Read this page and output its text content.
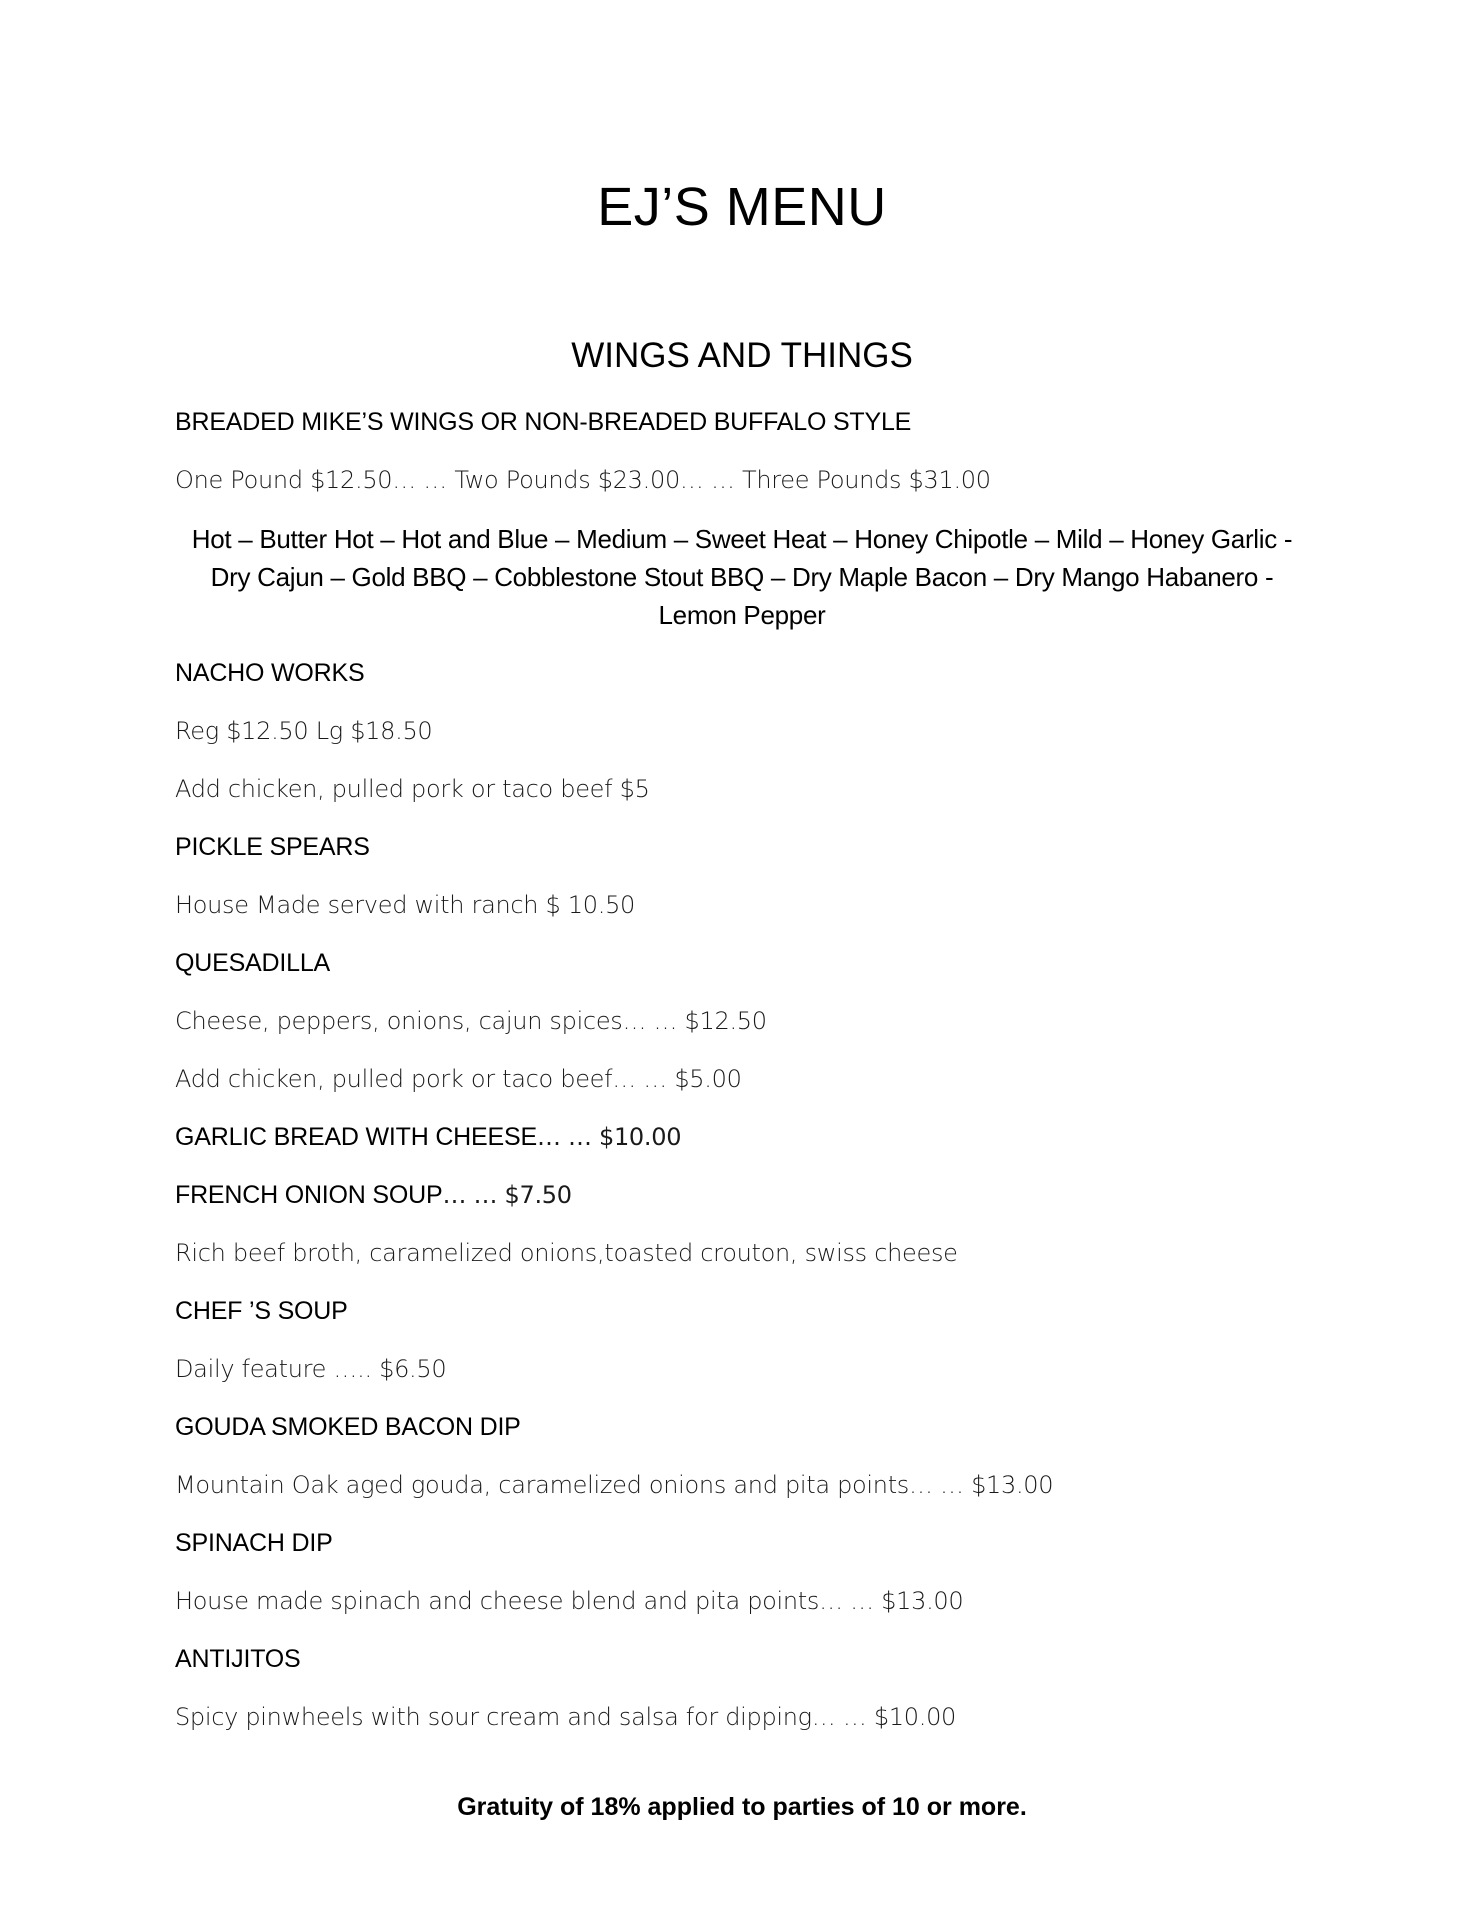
EJ’S MENU
WINGS AND THINGS

BREADED MIKE’S WINGS OR NON-BREADED BUFFALO STYLE

One Pound $12.50… … Two Pounds $23.00… … Three Pounds $31.00

Hot – Butter Hot – Hot and Blue – Medium – Sweet Heat – Honey Chipotle – Mild – Honey Garlic - Dry Cajun – Gold BBQ – Cobblestone Stout BBQ – Dry Maple Bacon – Dry Mango Habanero - Lemon Pepper

NACHO WORKS

Reg $12.50 Lg $18.50

Add chicken, pulled pork or taco beef $5

PICKLE SPEARS

House Made served with ranch $ 10.50

QUESADILLA

Cheese, peppers, onions, cajun spices… … $12.50

Add chicken, pulled pork or taco beef… … $5.00

GARLIC BREAD WITH CHEESE… … $10.00

FRENCH ONION SOUP… … $7.50

Rich beef broth, caramelized onions,toasted crouton, swiss cheese

CHEF ’S SOUP

Daily feature ….. $6.50

GOUDA SMOKED BACON DIP

Mountain Oak aged gouda, caramelized onions and pita points… … $13.00

SPINACH DIP

House made spinach and cheese blend and pita points… … $13.00

ANTIJITOS

Spicy pinwheels with sour cream and salsa for dipping… … $10.00

Gratuity of 18% applied to parties of 10 or more.
